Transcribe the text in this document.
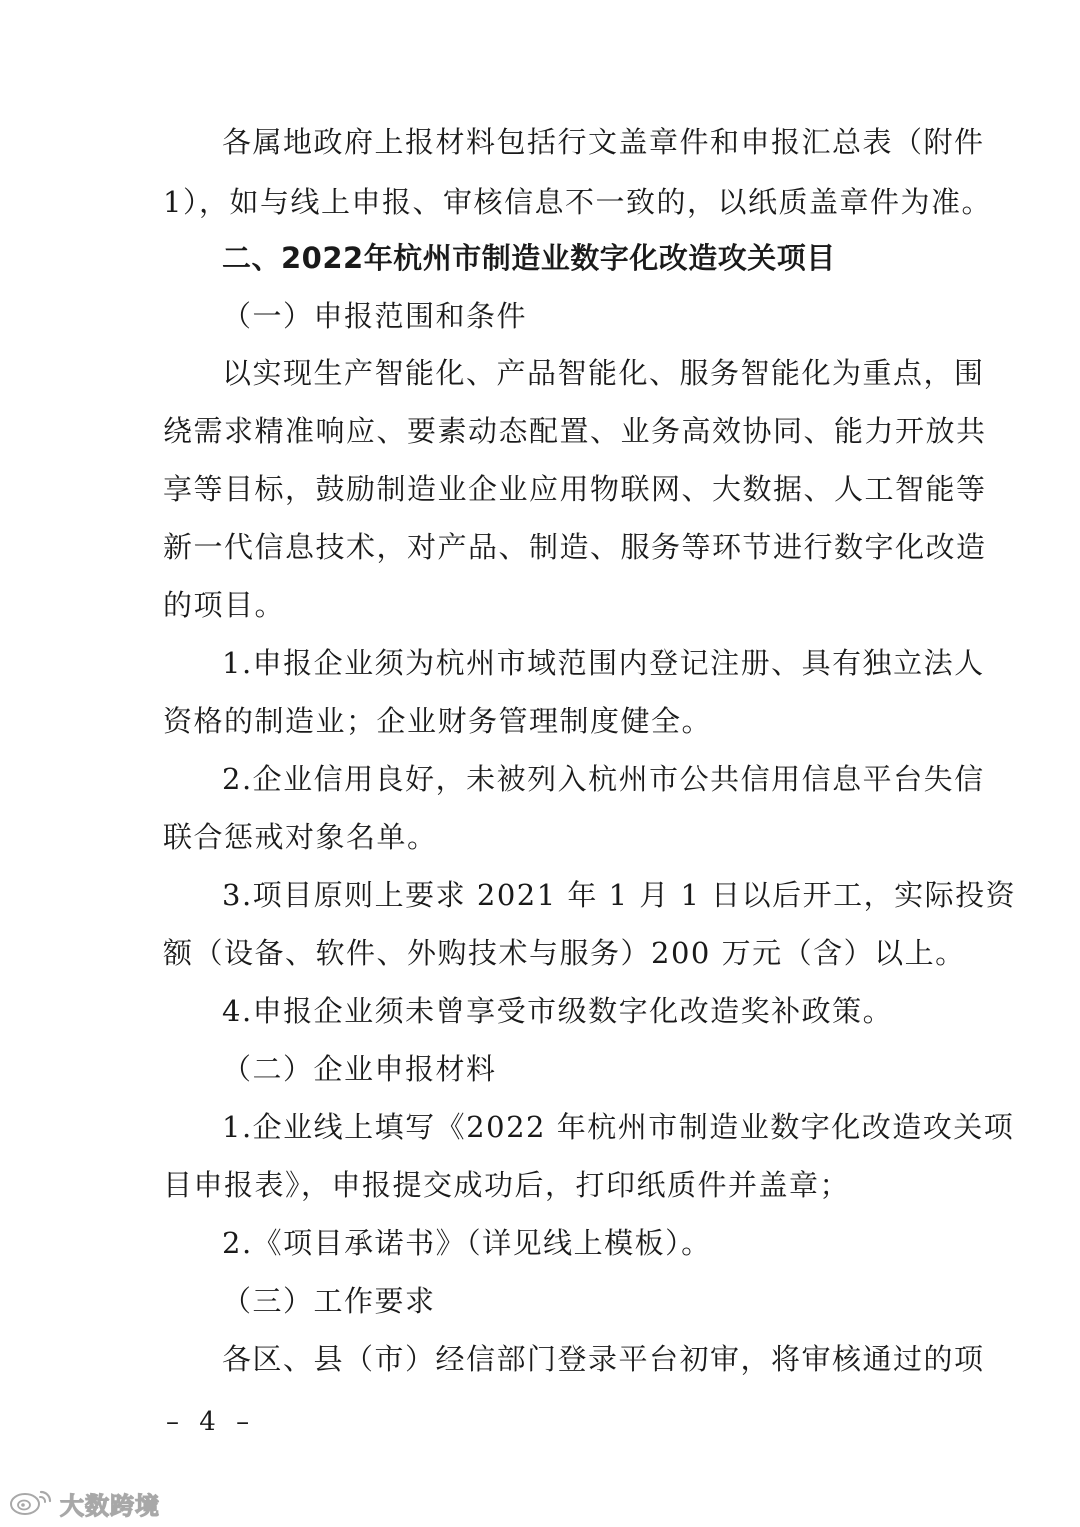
各属地政府上报材料包括行文盖章件和申报汇总表（附件
1），如与线上申报、审核信息不一致的，以纸质盖章件为准。
二、2022年杭州市制造业数字化改造攻关项目
（一）申报范围和条件
以实现生产智能化、产品智能化、服务智能化为重点，围
绕需求精准响应、要素动态配置、业务高效协同、能力开放共
享等目标，鼓励制造业企业应用物联网、大数据、人工智能等
新一代信息技术，对产品、制造、服务等环节进行数字化改造
的项目。
1.申报企业须为杭州市域范围内登记注册、具有独立法人
资格的制造业；企业财务管理制度健全。
2.企业信用良好，未被列入杭州市公共信用信息平台失信
联合惩戒对象名单。
3.项目原则上要求 2021 年 1 月 1 日以后开工，实际投资
额（设备、软件、外购技术与服务）200 万元（含）以上。
4.申报企业须未曾享受市级数字化改造奖补政策。
（二）企业申报材料
1.企业线上填写《2022 年杭州市制造业数字化改造攻关项
目申报表》，申报提交成功后，打印纸质件并盖章；
2.《项目承诺书》（详见线上模板）。
（三）工作要求
各区、县（市）经信部门登录平台初审，将审核通过的项
– 4 –
大数跨境
